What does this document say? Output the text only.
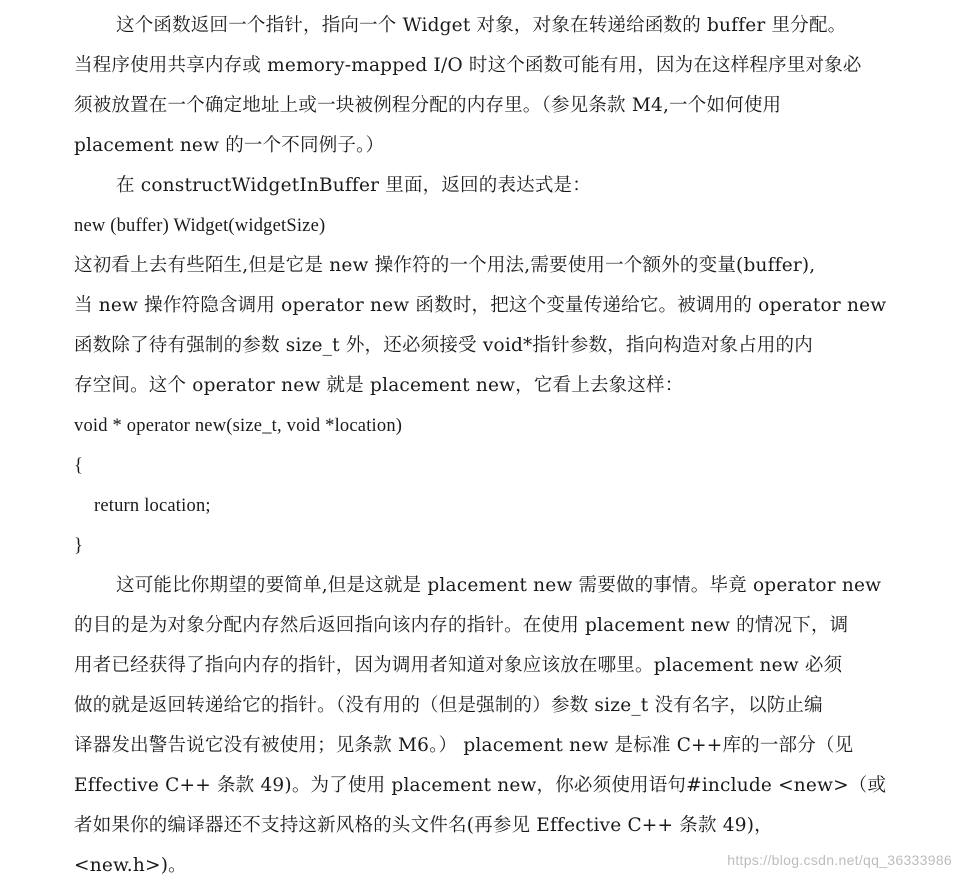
这个函数返回一个指针，指向一个 Widget 对象，对象在转递给函数的 buffer 里分配。
当程序使用共享内存或 memory-mapped I/O 时这个函数可能有用，因为在这样程序里对象必
须被放置在一个确定地址上或一块被例程分配的内存里。（参见条款 M4,一个如何使用
placement new 的一个不同例子。）
在 constructWidgetInBuffer 里面，返回的表达式是：
new (buffer) Widget(widgetSize)
这初看上去有些陌生,但是它是 new 操作符的一个用法,需要使用一个额外的变量(buffer),
当 new 操作符隐含调用 operator new 函数时，把这个变量传递给它。被调用的 operator new
函数除了待有强制的参数 size_t 外，还必须接受 void*指针参数，指向构造对象占用的内
存空间。这个 operator new 就是 placement new，它看上去象这样：
void * operator new(size_t, void *location)
{
return location;
}
这可能比你期望的要简单,但是这就是 placement new 需要做的事情。毕竟 operator new
的目的是为对象分配内存然后返回指向该内存的指针。在使用 placement new 的情况下，调
用者已经获得了指向内存的指针，因为调用者知道对象应该放在哪里。placement new 必须
做的就是返回转递给它的指针。（没有用的（但是强制的）参数 size_t 没有名字，以防止编
译器发出警告说它没有被使用；见条款 M6。） placement new 是标准 C++库的一部分（见
Effective C++ 条款 49)。为了使用 placement new，你必须使用语句#include <new>（或
者如果你的编译器还不支持这新风格的头文件名(再参见 Effective C++ 条款 49)，
<new.h>)。	https://blog.csdn.net/qq_36333986
